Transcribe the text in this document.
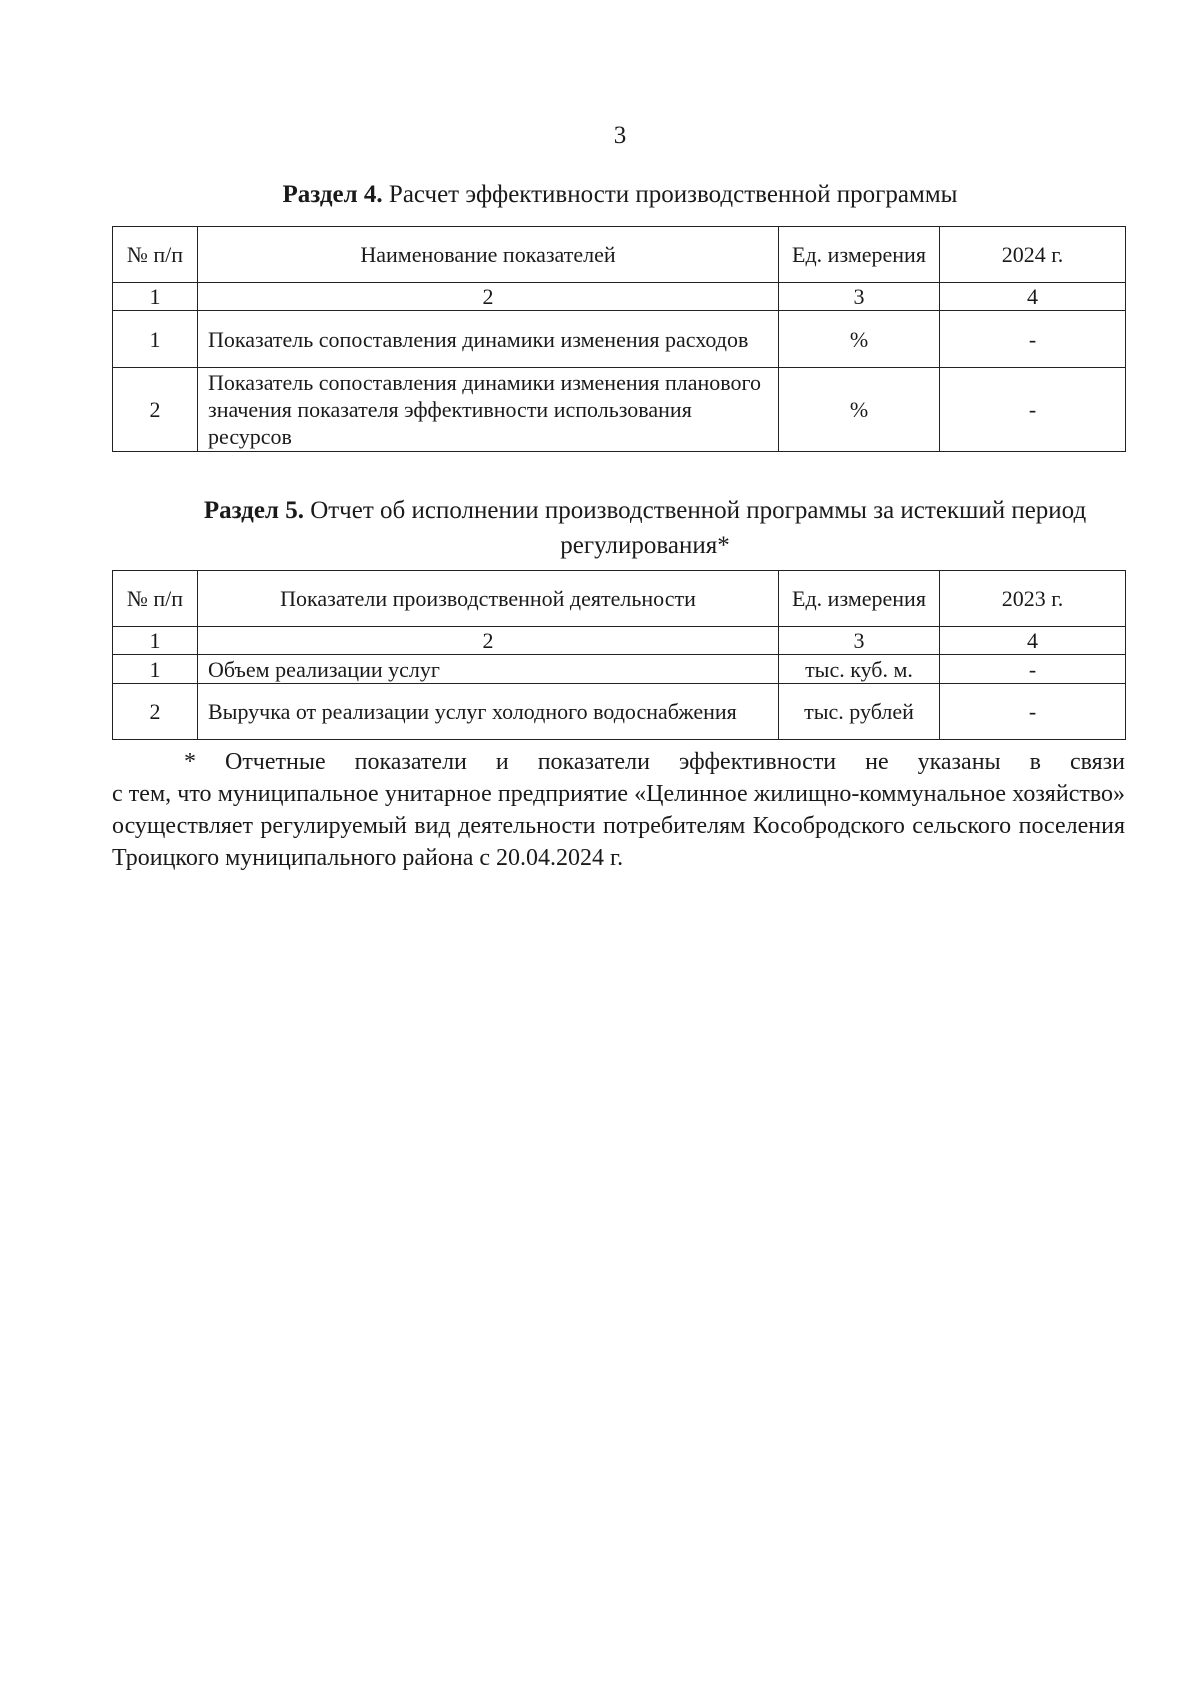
3
Раздел 4. Расчет эффективности производственной программы
№ п/п	Наименование показателей	Ед. измерения	2024 г.
1	2	3	4
1	Показатель сопоставления динамики изменения расходов	%	-
2	Показатель сопоставления динамики изменения планового значения показателя эффективности использования ресурсов	%	-
Раздел 5. Отчет об исполнении производственной программы за истекший период регулирования*
№ п/п	Показатели производственной деятельности	Ед. измерения	2023 г.
1	2	3	4
1	Объем реализации услуг	тыс. куб. м.	-
2	Выручка от реализации услуг холодного водоснабжения	тыс. рублей	-
* Отчетные показатели и показатели эффективности не указаны в связи
с тем, что муниципальное унитарное предприятие «Целинное жилищно-коммунальное хозяйство» осуществляет регулируемый вид деятельности потребителям Кособродского сельского поселения Троицкого муниципального района с 20.04.2024 г.
